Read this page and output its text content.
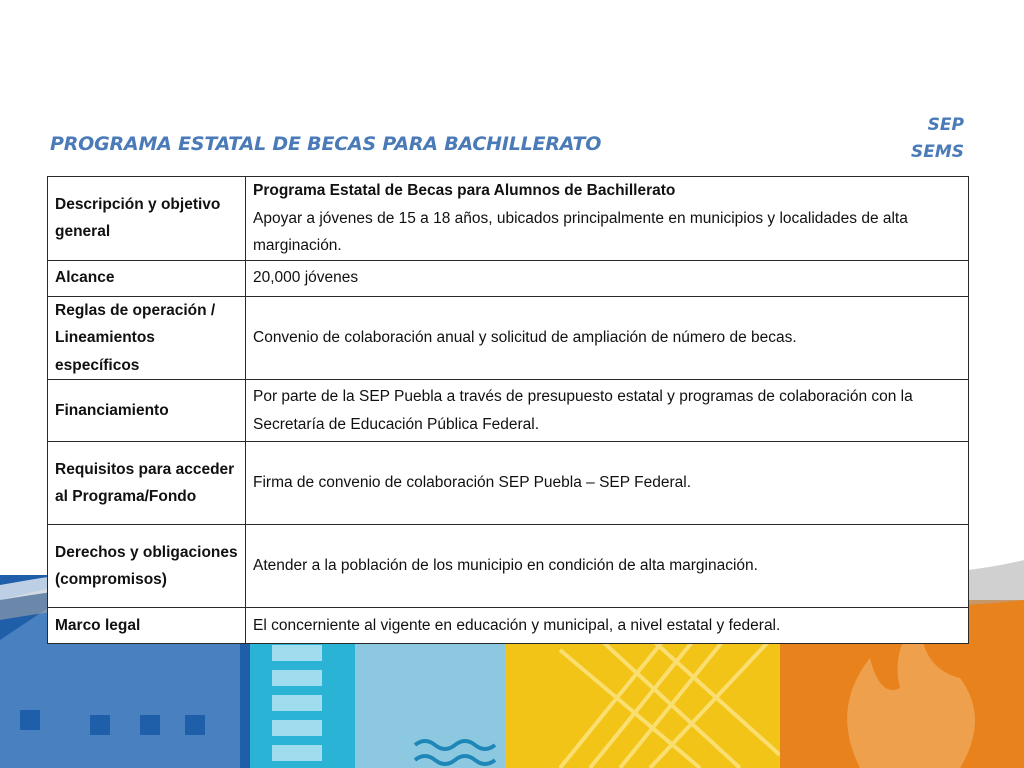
PROGRAMA ESTATAL DE BECAS PARA BACHILLERATO
SEP
SEMS
Descripción y objetivo general	Programa Estatal de Becas para Alumnos de Bachillerato
Apoyar a jóvenes de 15 a 18 años, ubicados principalmente en municipios y localidades de alta marginación.
Alcance	20,000 jóvenes
Reglas de operación / Lineamientos específicos	Convenio de colaboración anual y solicitud de ampliación de número de becas.
Financiamiento	Por parte de la SEP Puebla a través de presupuesto estatal y programas de colaboración con la Secretaría de Educación Pública Federal.
Requisitos para acceder al Programa/Fondo	Firma de convenio de colaboración SEP Puebla – SEP Federal.
Derechos y obligaciones (compromisos)	Atender a la población de los municipio en condición de alta marginación.
Marco legal	El concerniente al vigente en educación y municipal, a nivel estatal y federal.
